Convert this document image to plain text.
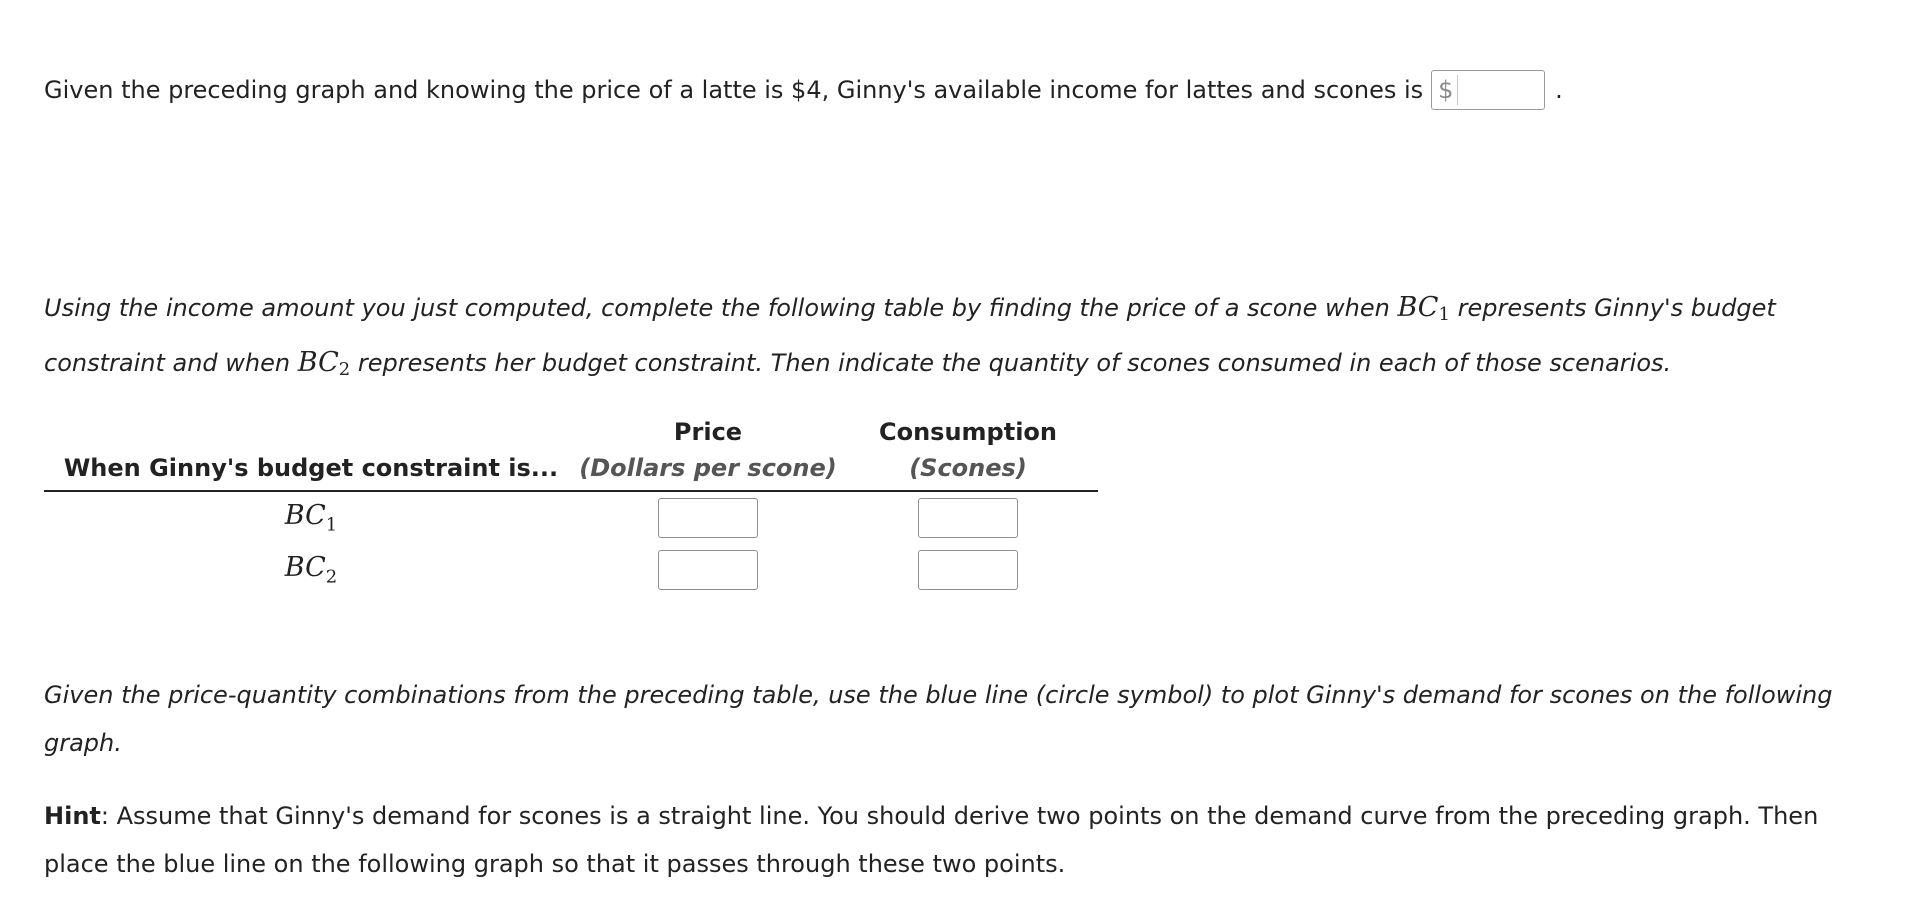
Given the preceding graph and knowing the price of a latte is $4, Ginny's available income for lattes and scones is $	.
Using the income amount you just computed, complete the following table by finding the price of a scone when $BC_1$ represents Ginny's budget constraint and when $BC_2$ represents her budget constraint. Then indicate the quantity of scones consumed in each of those scenarios.
	Price	Consumption
When Ginny's budget constraint is...	(Dollars per scone)	(Scones)
$BC_1$		
$BC_2$		
Given the price-quantity combinations from the preceding table, use the blue line (circle symbol) to plot Ginny's demand for scones on the following graph.
Hint: Assume that Ginny's demand for scones is a straight line. You should derive two points on the demand curve from the preceding graph. Then place the blue line on the following graph so that it passes through these two points.
